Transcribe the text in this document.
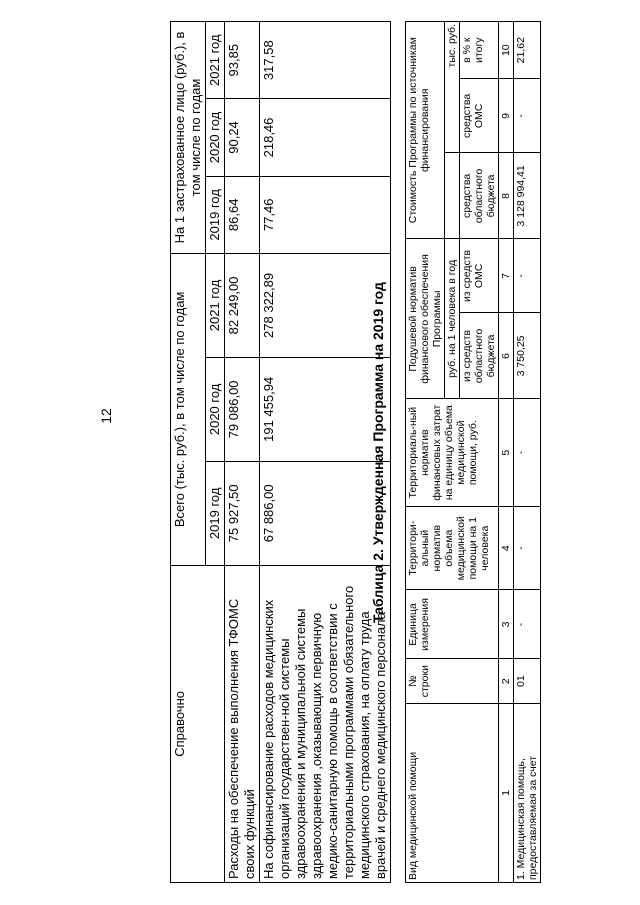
12
Справочно	Всего (тыс. руб.), в том числе по годам			На 1 застрахованное лицо (руб.), в том числе по годам		
	2019 год	2020 год	2021 год	2019 год	2020 год	2021 год
Расходы на обеспечение выполнения ТФОМС своих функций	75 927,50	79 086,00	82 249,00	86,64	90,24	93,85
На софинансирование расходов медицинских организаций государствен-ной системы здравоохранения и муниципальной системы здравоохранения ,оказывающих первичную медико-санитарную помощь в соответствии с территориальными программами обязательного медицинского страхования, на оплату труда врачей и среднего медицинского персонала	67 886,00	191 455,94	278 322,89	77,46	218,46	317,58
Таблица 2. Утвержденная Программа на 2019 год
Вид медицинской помощи	№ строки	Единица измерения	Территори-альный норматив объема медицинской помощи на 1 человека	Территориаль-ный норматив финансовых затрат на единицу объема медицинской помощи, руб.	Подушевой норматив финансового обеспечения Программы		Стоимость Программы по источникам финансирования		
					руб. на 1 человека в год			тыс. руб.	
					из средств областного бюджета	из средств ОМС	средства областного бюджета	средства ОМС	в % к итогу
1	2	3	4	5	6	7	8	9	10
1. Медицинская помощь, предоставляемая за счет	01	-	-	-	3 750,25	-	3 128 994,41	-	21,62
